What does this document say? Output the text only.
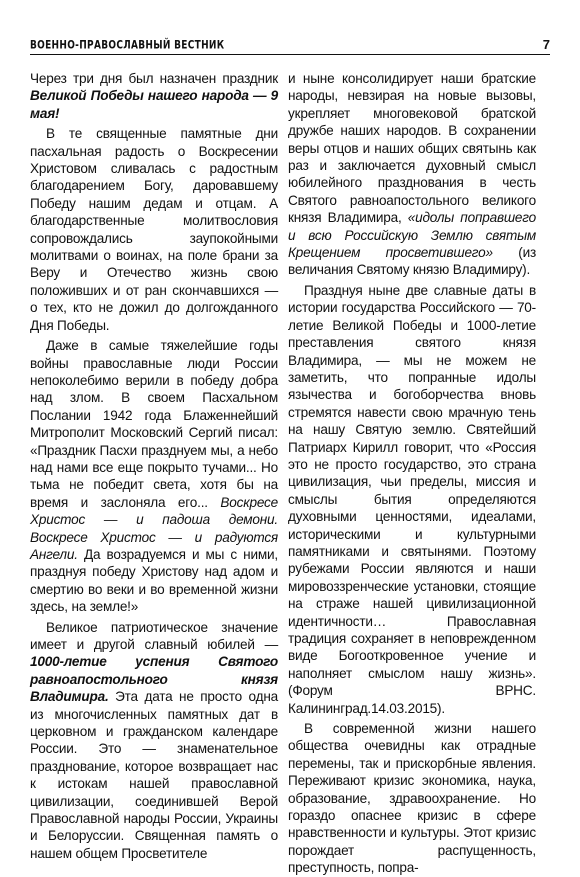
ВОЕННО-ПРАВОСЛАВНЫЙ ВЕСТНИК	7

Через три дня был назначен праздник Великой Победы нашего народа — 9 мая!

В те священные памятные дни пасхальная радость о Воскресении Христовом сливалась с радостным благодарением Богу, даровавшему Победу нашим дедам и отцам. А благодарственные молитвословия сопровождались заупокойными молитвами о воинах, на поле брани за Веру и Отечество жизнь свою положивших и от ран скончавшихся — о тех, кто не дожил до долгожданного Дня Победы.

Даже в самые тяжелейшие годы войны православные люди России непоколебимо верили в победу добра над злом. В своем Пасхальном Послании 1942 года Блаженнейший Митрополит Московский Сергий писал: «Праздник Пасхи празднуем мы, а небо над нами все еще покрыто тучами... Но тьма не победит света, хотя бы на время и заслоняла его... Воскресе Христос — и падоша демони. Воскресе Христос — и радуются Ангели. Да возрадуемся и мы с ними, празднуя победу Христову над адом и смертию во веки и во временной жизни здесь, на земле!»

Великое патриотическое значение имеет и другой славный юбилей — 1000-летие успения Святого равноапостольного князя Владимира. Эта дата не просто одна из многочисленных памятных дат в церковном и гражданском календаре России. Это — знаменательное празднование, которое возвращает нас к истокам нашей православной цивилизации, соединившей Верой Православной народы России, Украины и Белоруссии. Священная память о нашем общем Просветителе

и ныне консолидирует наши братские народы, невзирая на новые вызовы, укрепляет многовековой братской дружбе наших народов. В сохранении веры отцов и наших общих святынь как раз и заключается духовный смысл юбилейного празднования в честь Святого равноапостольного великого князя Владимира, «идолы поправшего и всю Российскую Землю святым Крещением просветившего» (из величания Святому князю Владимиру).

Празднуя ныне две славные даты в истории государства Российского — 70-летие Великой Победы и 1000-летие преставления святого князя Владимира, — мы не можем не заметить, что попранные идолы язычества и богоборчества вновь стремятся навести свою мрачную тень на нашу Святую землю. Святейший Патриарх Кирилл говорит, что «Россия это не просто государство, это страна цивилизация, чьи пределы, миссия и смыслы бытия определяются духовными ценностями, идеалами, историческими и культурными памятниками и святынями. Поэтому рубежами России являются и наши мировоззренческие установки, стоящие на страже нашей цивилизационной идентичности… Православная традиция сохраняет в неповрежденном виде Богооткровенное учение и наполняет смыслом нашу жизнь». (Форум ВРНС. Калининград.14.03.2015).

В современной жизни нашего общества очевидны как отрадные перемены, так и прискорбные явления. Переживают кризис экономика, наука, образование, здравоохранение. Но гораздо опаснее кризис в сфере нравственности и культуры. Этот кризис порождает распущенность, преступность, попра-
